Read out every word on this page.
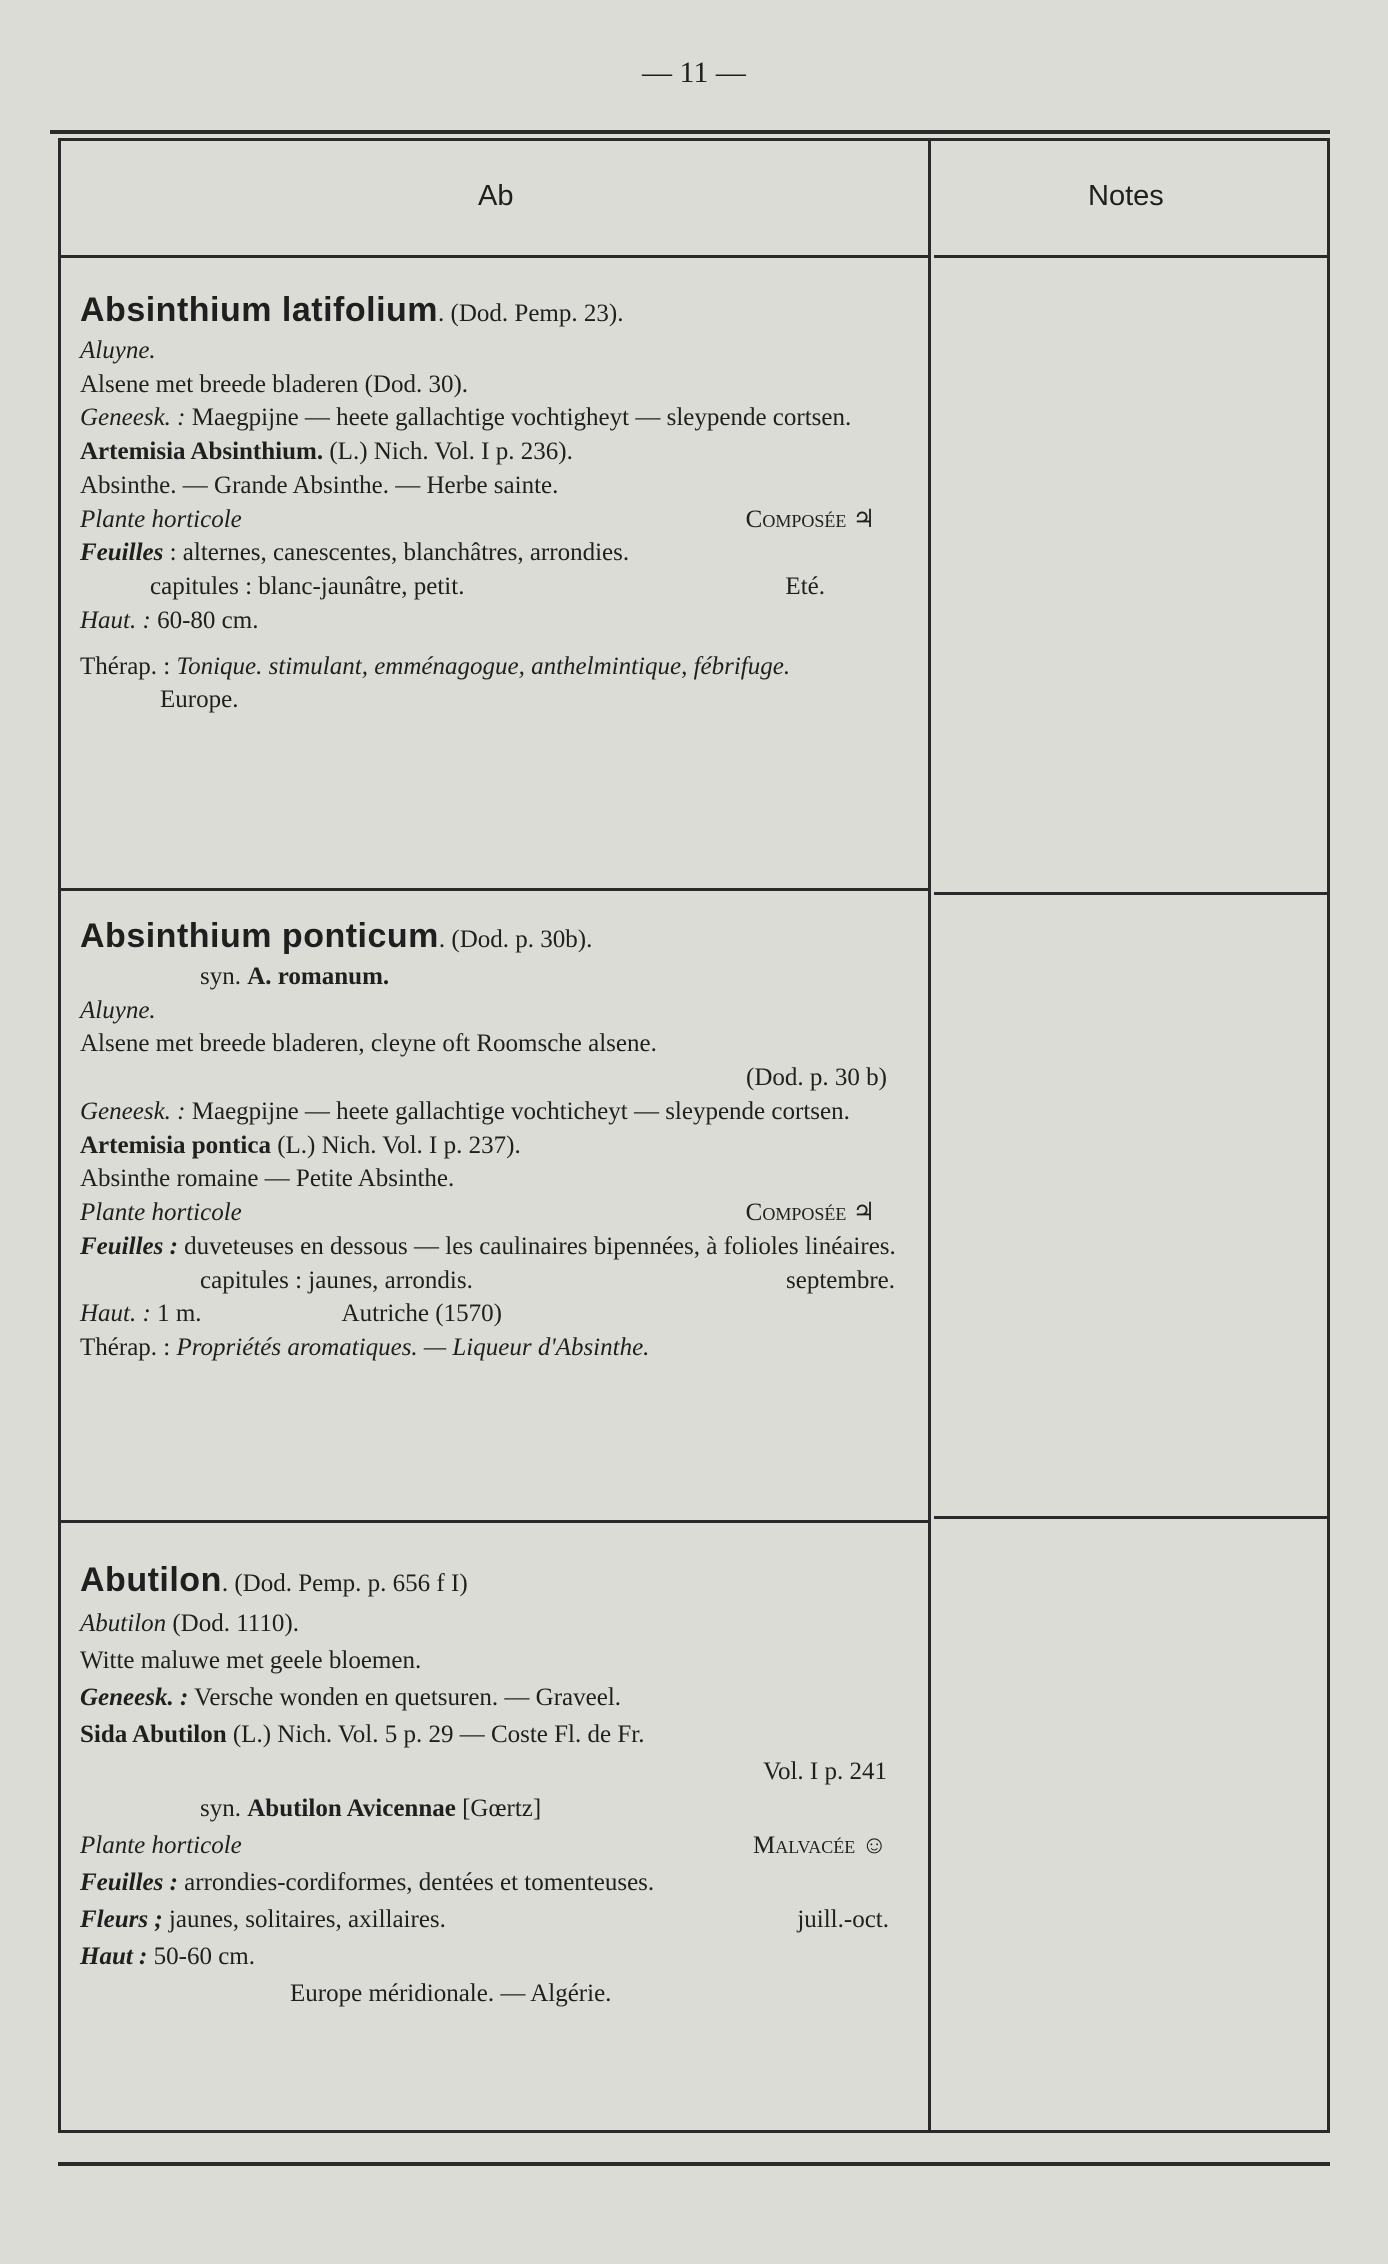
— 11 —
Ab	Notes

Absinthium latifolium. (Dod. Pemp. 23).

Aluyne.

Alsene met breede bladeren (Dod. 30).

Geneesk. : Maegpijne — heete gallachtige vochtigheyt — sleypende cortsen.

Artemisia Absinthium. (L.) Nich. Vol. I p. 236).

Absinthe. — Grande Absinthe. — Herbe sainte.

Plante horticole	Composée ♃

Feuilles : alternes, canescentes, blanchâtres, arrondies.

capitules : blanc-jaunâtre, petit.	Eté.

Haut. : 60-80 cm.

Thérap. : Tonique. stimulant, emménagogue, anthelmintique, fébrifuge. Europe.

Absinthium ponticum. (Dod. p. 30b).

syn. A. romanum.

Aluyne.

Alsene met breede bladeren, cleyne oft Roomsche alsene.

(Dod. p. 30 b)

Geneesk. : Maegpijne — heete gallachtige vochticheyt — sleypende cortsen.

Artemisia pontica (L.) Nich. Vol. I p. 237).

Absinthe romaine — Petite Absinthe.

Plante horticole	Composée ♃

Feuilles : duveteuses en dessous — les caulinaires bipennées, à folioles linéaires.

capitules : jaunes, arrondis.	septembre.

Haut. : 1 m.	Autriche (1570)

Thérap. : Propriétés aromatiques. — Liqueur d'Absinthe.

Abutilon. (Dod. Pemp. p. 656 f I)

Abutilon (Dod. 1110).

Witte maluwe met geele bloemen.

Geneesk. : Versche wonden en quetsuren. — Graveel.

Sida Abutilon (L.) Nich. Vol. 5 p. 29 — Coste Fl. de Fr.

Vol. I p. 241

syn. Abutilon Avicennae [Gœrtz]

Plante horticole	Malvacée ☺

Feuilles : arrondies-cordiformes, dentées et tomenteuses.

Fleurs ; jaunes, solitaires, axillaires.	juill.-oct.

Haut : 50-60 cm.

Europe méridionale. — Algérie.
